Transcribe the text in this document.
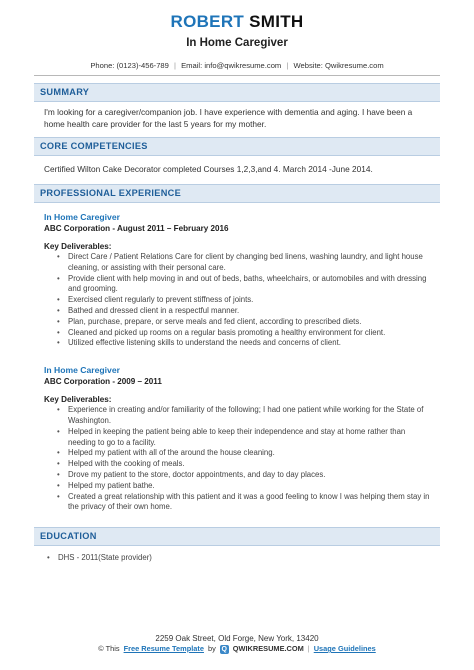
ROBERT SMITH
In Home Caregiver
Phone: (0123)-456-789 | Email: info@qwikresume.com | Website: Qwikresume.com
SUMMARY
I'm looking for a caregiver/companion job. I have experience with dementia and aging. I have been a home health care provider for the last 5 years for my mother.
CORE COMPETENCIES
Certified Wilton Cake Decorator completed Courses 1,2,3,and 4. March 2014 -June 2014.
PROFESSIONAL EXPERIENCE
In Home Caregiver
ABC Corporation - August 2011 – February 2016
Key Deliverables:
• Direct Care / Patient Relations Care for client by changing bed linens, washing laundry, and light house cleaning, or assisting with their personal care.
• Provide client with help moving in and out of beds, baths, wheelchairs, or automobiles and with dressing and grooming.
• Exercised client regularly to prevent stiffness of joints.
• Bathed and dressed client in a respectful manner.
• Plan, purchase, prepare, or serve meals and fed client, according to prescribed diets.
• Cleaned and picked up rooms on a regular basis promoting a healthy environment for client.
• Utilized effective listening skills to understand the needs and concerns of client.
In Home Caregiver
ABC Corporation - 2009 – 2011
Key Deliverables:
• Experience in creating and/or familiarity of the following; I had one patient while working for the State of Washington.
• Helped in keeping the patient being able to keep their independence and stay at home rather than needing to go to a facility.
• Helped my patient with all of the around the house cleaning.
• Helped with the cooking of meals.
• Drove my patient to the store, doctor appointments, and day to day places.
• Helped my patient bathe.
• Created a great relationship with this patient and it was a good feeling to know I was helping them stay in the privacy of their own home.
EDUCATION
• DHS - 2011(State provider)
2259 Oak Street, Old Forge, New York, 13420
© This Free Resume Template by Q QWIKRESUME.COM | Usage Guidelines
